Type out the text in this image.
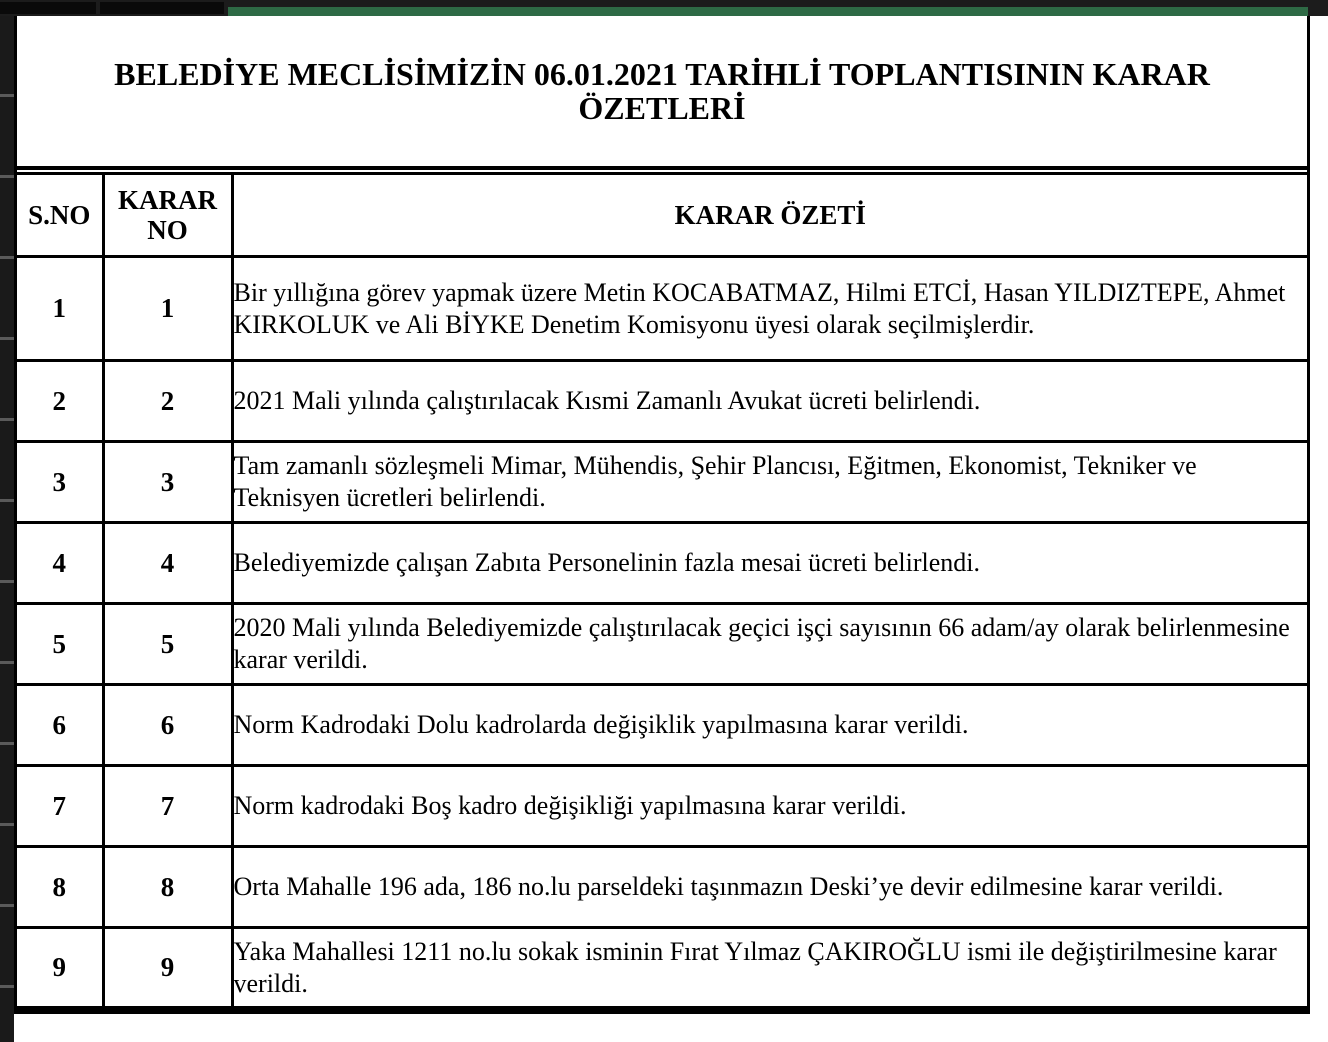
BELEDİYE MECLİSİMİZİN 06.01.2021 TARİHLİ TOPLANTISININ KARAR ÖZETLERİ
S.NO	KARAR NO	KARAR ÖZETİ
1	1	Bir yıllığına görev yapmak üzere Metin KOCABATMAZ, Hilmi ETCİ, Hasan YILDIZTEPE, Ahmet KIRKOLUK ve Ali BİYKE Denetim Komisyonu üyesi olarak seçilmişlerdir.
2	2	2021 Mali yılında çalıştırılacak Kısmi Zamanlı Avukat ücreti belirlendi.
3	3	Tam zamanlı sözleşmeli Mimar, Mühendis, Şehir Plancısı, Eğitmen, Ekonomist, Tekniker ve Teknisyen ücretleri belirlendi.
4	4	Belediyemizde çalışan Zabıta Personelinin fazla mesai ücreti belirlendi.
5	5	2020 Mali yılında Belediyemizde çalıştırılacak geçici işçi sayısının 66 adam/ay olarak belirlenmesine karar verildi.
6	6	Norm Kadrodaki Dolu kadrolarda değişiklik yapılmasına karar verildi.
7	7	Norm kadrodaki Boş kadro değişikliği yapılmasına karar verildi.
8	8	Orta Mahalle 196 ada, 186 no.lu parseldeki taşınmazın Deski’ye devir edilmesine karar verildi.
9	9	Yaka Mahallesi 1211 no.lu sokak isminin Fırat Yılmaz ÇAKIROĞLU ismi ile değiştirilmesine karar verildi.
